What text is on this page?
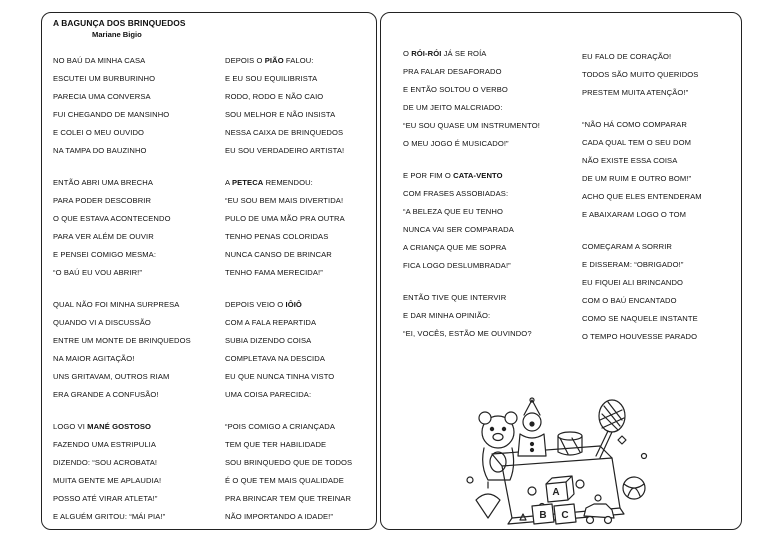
A BAGUNÇA DOS BRINQUEDOS
Mariane Bigio
NO BAÚ DA MINHA CASA
ESCUTEI UM BURBURINHO
PARECIA UMA CONVERSA
FUI CHEGANDO DE MANSINHO
E COLEI O MEU OUVIDO
NA TAMPA DO BAUZINHO
ENTÃO ABRI UMA BRECHA
PARA PODER DESCOBRIR
O QUE ESTAVA ACONTECENDO
PARA VER ALÉM DE OUVIR
E PENSEI COMIGO MESMA:
“O BAÚ EU VOU ABRIR!”
QUAL NÃO FOI MINHA SURPRESA
QUANDO VI A DISCUSSÃO
ENTRE UM MONTE DE BRINQUEDOS
NA MAIOR AGITAÇÃO!
UNS GRITAVAM, OUTROS RIAM
ERA GRANDE A CONFUSÃO!
LOGO VI MANÉ GOSTOSO
FAZENDO UMA ESTRIPULIA
DIZENDO: “SOU ACROBATA!
MUITA GENTE ME APLAUDIA!
POSSO ATÉ VIRAR ATLETA!”
E ALGUÉM GRITOU: “MÁI PIA!”
DEPOIS O PIÃO FALOU:
E EU SOU EQUILIBRISTA
RODO, RODO E NÃO CAIO
SOU MELHOR E NÃO INSISTA
NESSA CAIXA DE BRINQUEDOS
EU SOU VERDADEIRO ARTISTA!
A PETECA REMENDOU:
“EU SOU BEM MAIS DIVERTIDA!
PULO DE UMA MÃO PRA OUTRA
TENHO PENAS COLORIDAS
NUNCA CANSO DE BRINCAR
TENHO FAMA MERECIDA!”
DEPOIS VEIO O IÔIÔ
COM A FALA REPARTIDA
SUBIA DIZENDO COISA
COMPLETAVA NA DESCIDA
EU QUE NUNCA TINHA VISTO
UMA COISA PARECIDA:
“POIS COMIGO A CRIANÇADA
TEM QUE TER HABILIDADE
SOU BRINQUEDO QUE DE TODOS
É O QUE TEM MAIS QUALIDADE
PRA BRINCAR TEM QUE TREINAR
NÃO IMPORTANDO A IDADE!”
O RÓI-RÓI JÁ SE ROÍA
PRA FALAR DESAFORADO
E ENTÃO SOLTOU O VERBO
DE UM JEITO MALCRIADO:
“EU SOU QUASE UM INSTRUMENTO!
O MEU JOGO É MUSICADO!”
E POR FIM O CATA-VENTO
COM FRASES ASSOBIADAS:
“A BELEZA QUE EU TENHO
NUNCA VAI SER COMPARADA
A CRIANÇA QUE ME SOPRA
FICA LOGO DESLUMBRADA!”
ENTÃO TIVE QUE INTERVIR
E DAR MINHA OPINIÃO:
“EI, VOCÊS, ESTÃO ME OUVINDO?
EU FALO DE CORAÇÃO!
TODOS SÃO MUITO QUERIDOS
PRESTEM MUITA ATENÇÃO!”
“NÃO HÁ COMO COMPARAR
CADA QUAL TEM O SEU DOM
NÃO EXISTE ESSA COISA
DE UM RUIM E OUTRO BOM!”
ACHO QUE ELES ENTENDERAM
E ABAIXARAM LOGO O TOM
COMEÇARAM A SORRIR
E DISSERAM: “OBRIGADO!”
EU FIQUEI ALI BRINCANDO
COM O BAÚ ENCANTADO
COMO SE NAQUELE INSTANTE
O TEMPO HOUVESSE PARADO
A
B C
